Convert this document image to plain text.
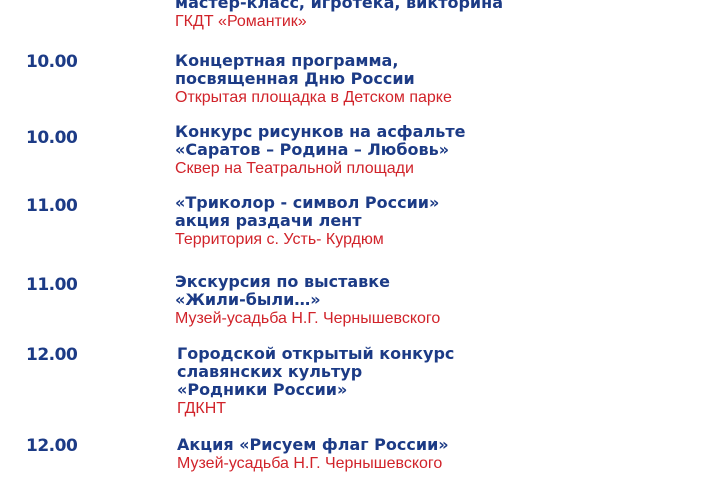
мастер-класс, игротека, викторина
ГКДТ «Романтик»
10.00	Концертная программа,
посвященная Дню России
Открытая площадка в Детском парке
10.00	Конкурс рисунков на асфальте
«Саратов – Родина – Любовь»
Сквер на Театральной площади
11.00	«Триколор - символ России»
акция раздачи лент
Территория с. Усть- Курдюм
11.00	Экскурсия по выставке
«Жили-были…»
Музей-усадьба Н.Г. Чернышевского
12.00	Городской открытый конкурс
славянских культур
«Родники России»
ГДКНТ
12.00	Акция «Рисуем флаг России»
Музей-усадьба Н.Г. Чернышевского
